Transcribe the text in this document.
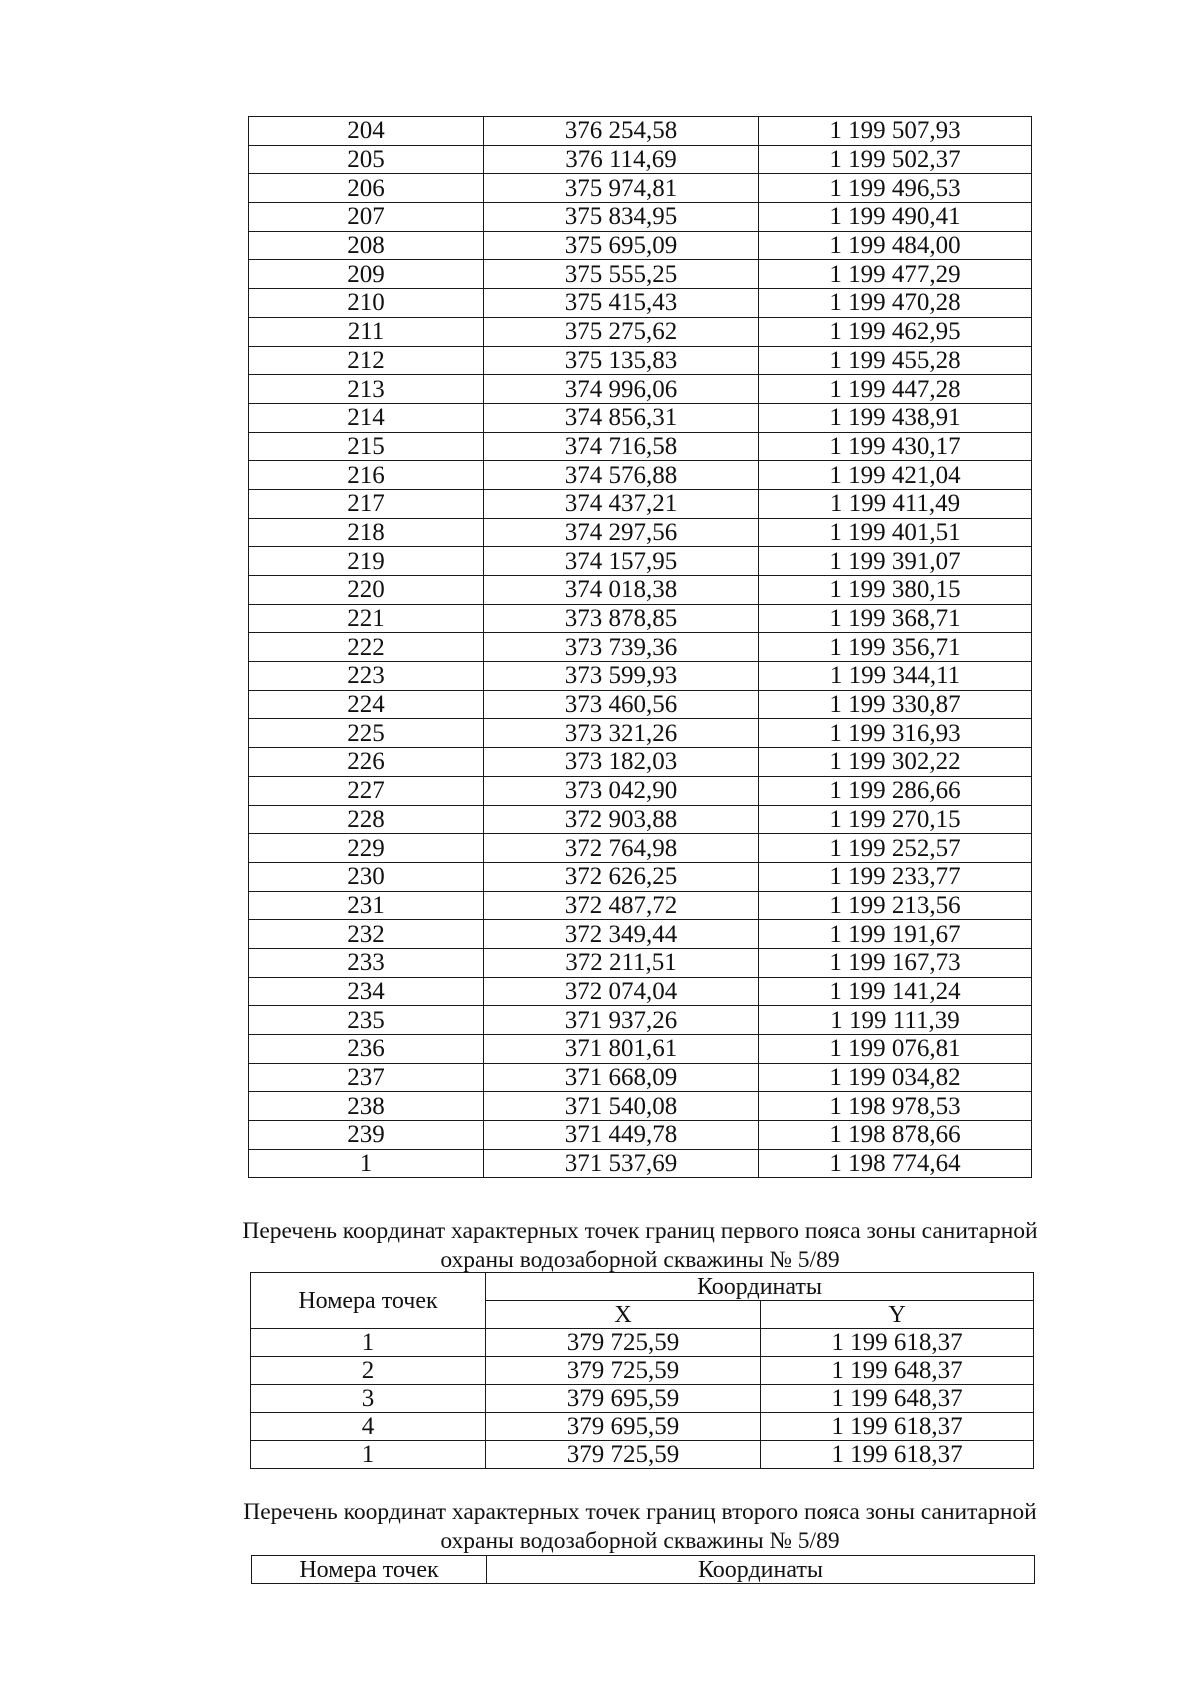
204	376 254,58	1 199 507,93
205	376 114,69	1 199 502,37
206	375 974,81	1 199 496,53
207	375 834,95	1 199 490,41
208	375 695,09	1 199 484,00
209	375 555,25	1 199 477,29
210	375 415,43	1 199 470,28
211	375 275,62	1 199 462,95
212	375 135,83	1 199 455,28
213	374 996,06	1 199 447,28
214	374 856,31	1 199 438,91
215	374 716,58	1 199 430,17
216	374 576,88	1 199 421,04
217	374 437,21	1 199 411,49
218	374 297,56	1 199 401,51
219	374 157,95	1 199 391,07
220	374 018,38	1 199 380,15
221	373 878,85	1 199 368,71
222	373 739,36	1 199 356,71
223	373 599,93	1 199 344,11
224	373 460,56	1 199 330,87
225	373 321,26	1 199 316,93
226	373 182,03	1 199 302,22
227	373 042,90	1 199 286,66
228	372 903,88	1 199 270,15
229	372 764,98	1 199 252,57
230	372 626,25	1 199 233,77
231	372 487,72	1 199 213,56
232	372 349,44	1 199 191,67
233	372 211,51	1 199 167,73
234	372 074,04	1 199 141,24
235	371 937,26	1 199 111,39
236	371 801,61	1 199 076,81
237	371 668,09	1 199 034,82
238	371 540,08	1 198 978,53
239	371 449,78	1 198 878,66
1	371 537,69	1 198 774,64
Перечень координат характерных точек границ первого пояса зоны санитарной
охраны водозаборной скважины № 5/89
Номера точек	Координаты	
	X	Y
1	379 725,59	1 199 618,37
2	379 725,59	1 199 648,37
3	379 695,59	1 199 648,37
4	379 695,59	1 199 618,37
1	379 725,59	1 199 618,37
Перечень координат характерных точек границ второго пояса зоны санитарной
охраны водозаборной скважины № 5/89
Номера точек	Координаты
